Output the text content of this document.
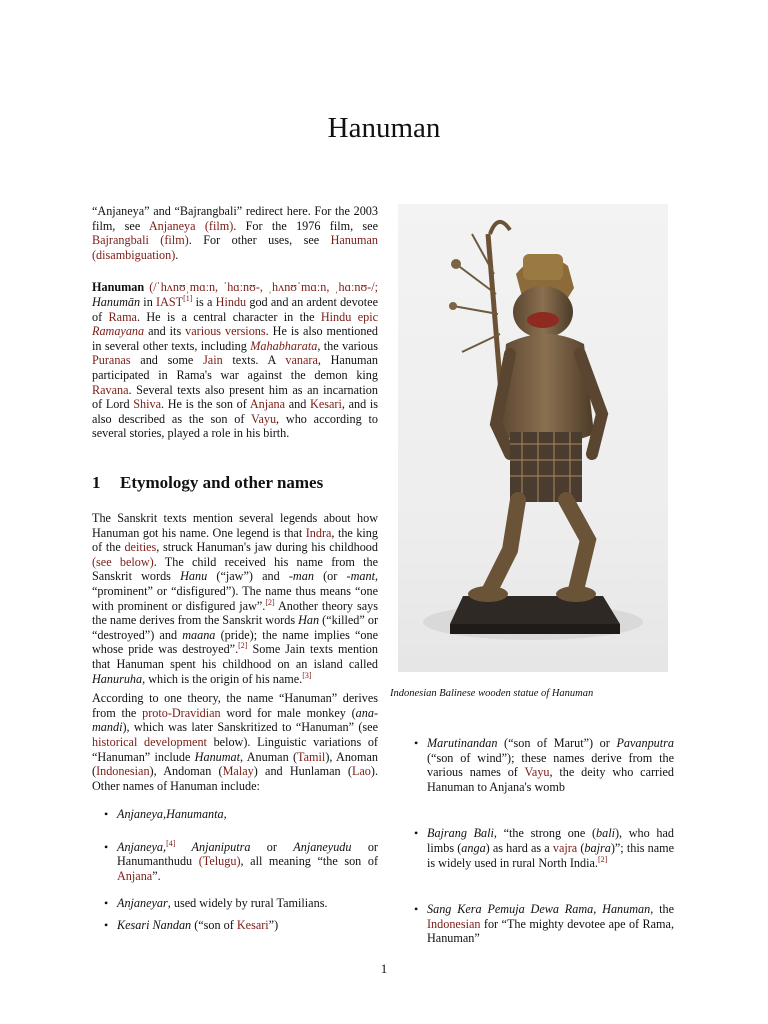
Hanuman

“Anjaneya” and “Bajrangbali” redirect here. For the 2003 film, see Anjaneya (film). For the 1976 film, see Bajrangbali (film). For other uses, see Hanuman (disambiguation).

Hanuman (/ˈhʌnʊˌmɑːn, ˈhɑːnʊ-, ˌhʌnʊˈmɑːn, ˌhɑːnʊ-/; Hanumān in IAST[1] is a Hindu god and an ardent devotee of Rama. He is a central character in the Hindu epic Ramayana and its various versions. He is also mentioned in several other texts, including Mahabharata, the various Puranas and some Jain texts. A vanara, Hanuman participated in Rama's war against the demon king Ravana. Several texts also present him as an incarnation of Lord Shiva. He is the son of Anjana and Kesari, and is also described as the son of Vayu, who according to several stories, played a role in his birth.

1 Etymology and other names

The Sanskrit texts mention several legends about how Hanuman got his name. One legend is that Indra, the king of the deities, struck Hanuman's jaw during his childhood (see below). The child received his name from the Sanskrit words Hanu (“jaw”) and -man (or -mant, “prominent” or “disfigured”). The name thus means “one with prominent or disfigured jaw”.[2] Another theory says the name derives from the Sanskrit words Han (“killed” or “destroyed”) and maana (pride); the name implies “one whose pride was destroyed”.[2] Some Jain texts mention that Hanuman spent his childhood on an island called Hanuruha, which is the origin of his name.[3]

According to one theory, the name “Hanuman” derives from the proto-Dravidian word for male monkey (ana-mandi), which was later Sanskritized to “Hanuman” (see historical development below). Linguistic variations of “Hanuman” include Hanumat, Anuman (Tamil), Anoman (Indonesian), Andoman (Malay) and Hunlaman (Lao). Other names of Hanuman include:

• Anjaneya,Hanumanta,
• Anjaneya,[4] Anjaniputra or Anjaneyudu or Hanumanthudu (Telugu), all meaning “the son of Anjana”.
• Anjaneyar, used widely by rural Tamilians.
• Kesari Nandan (“son of Kesari”)
Indonesian Balinese wooden statue of Hanuman
• Marutinandan (“son of Marut”) or Pavanputra (“son of wind”); these names derive from the various names of Vayu, the deity who carried Hanuman to Anjana's womb
• Bajrang Bali, “the strong one (bali), who had limbs (anga) as hard as a vajra (bajra)”; this name is widely used in rural North India.[2]
• Sang Kera Pemuja Dewa Rama, Hanuman, the Indonesian for “The mighty devotee ape of Rama, Hanuman”
1
